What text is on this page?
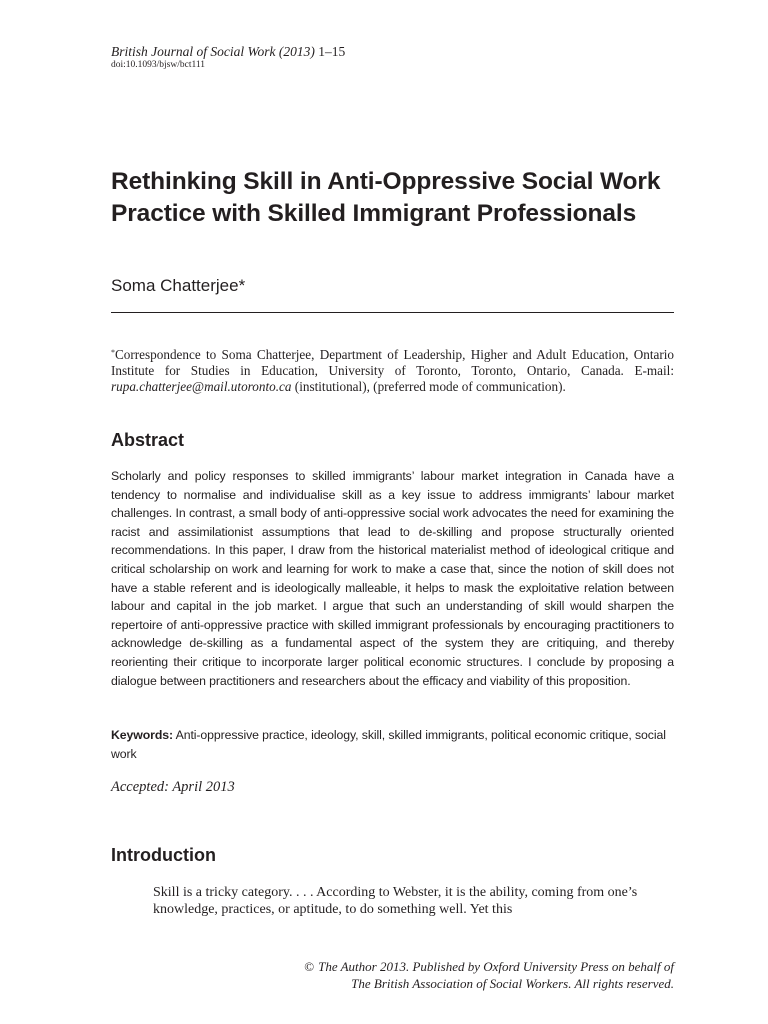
British Journal of Social Work (2013) 1–15
doi:10.1093/bjsw/bct111
Rethinking Skill in Anti-Oppressive Social Work Practice with Skilled Immigrant Professionals
Soma Chatterjee*
*Correspondence to Soma Chatterjee, Department of Leadership, Higher and Adult Education, Ontario Institute for Studies in Education, University of Toronto, Toronto, Ontario, Canada. E-mail: rupa.chatterjee@mail.utoronto.ca (institutional), (preferred mode of communication).
Abstract

Scholarly and policy responses to skilled immigrants’ labour market integration in Canada have a tendency to normalise and individualise skill as a key issue to address immigrants’ labour market challenges. In contrast, a small body of anti-oppressive social work advocates the need for examining the racist and assimilationist assumptions that lead to de-skilling and propose structurally oriented recommendations. In this paper, I draw from the historical materialist method of ideological critique and critical scholarship on work and learning for work to make a case that, since the notion of skill does not have a stable referent and is ideologically malleable, it helps to mask the exploitative relation between labour and capital in the job market. I argue that such an understanding of skill would sharpen the repertoire of anti-oppressive practice with skilled immigrant professionals by encouraging practitioners to acknowledge de-skilling as a fundamental aspect of the system they are critiquing, and thereby reorienting their critique to incorporate larger political economic structures. I conclude by proposing a dialogue between practitioners and researchers about the efficacy and viability of this proposition.

Keywords: Anti-oppressive practice, ideology, skill, skilled immigrants, political economic critique, social work

Accepted: April 2013
Introduction

Skill is a tricky category. . . . According to Webster, it is the ability, coming from one’s knowledge, practices, or aptitude, to do something well. Yet this

© The Author 2013. Published by Oxford University Press on behalf of
The British Association of Social Workers. All rights reserved.
